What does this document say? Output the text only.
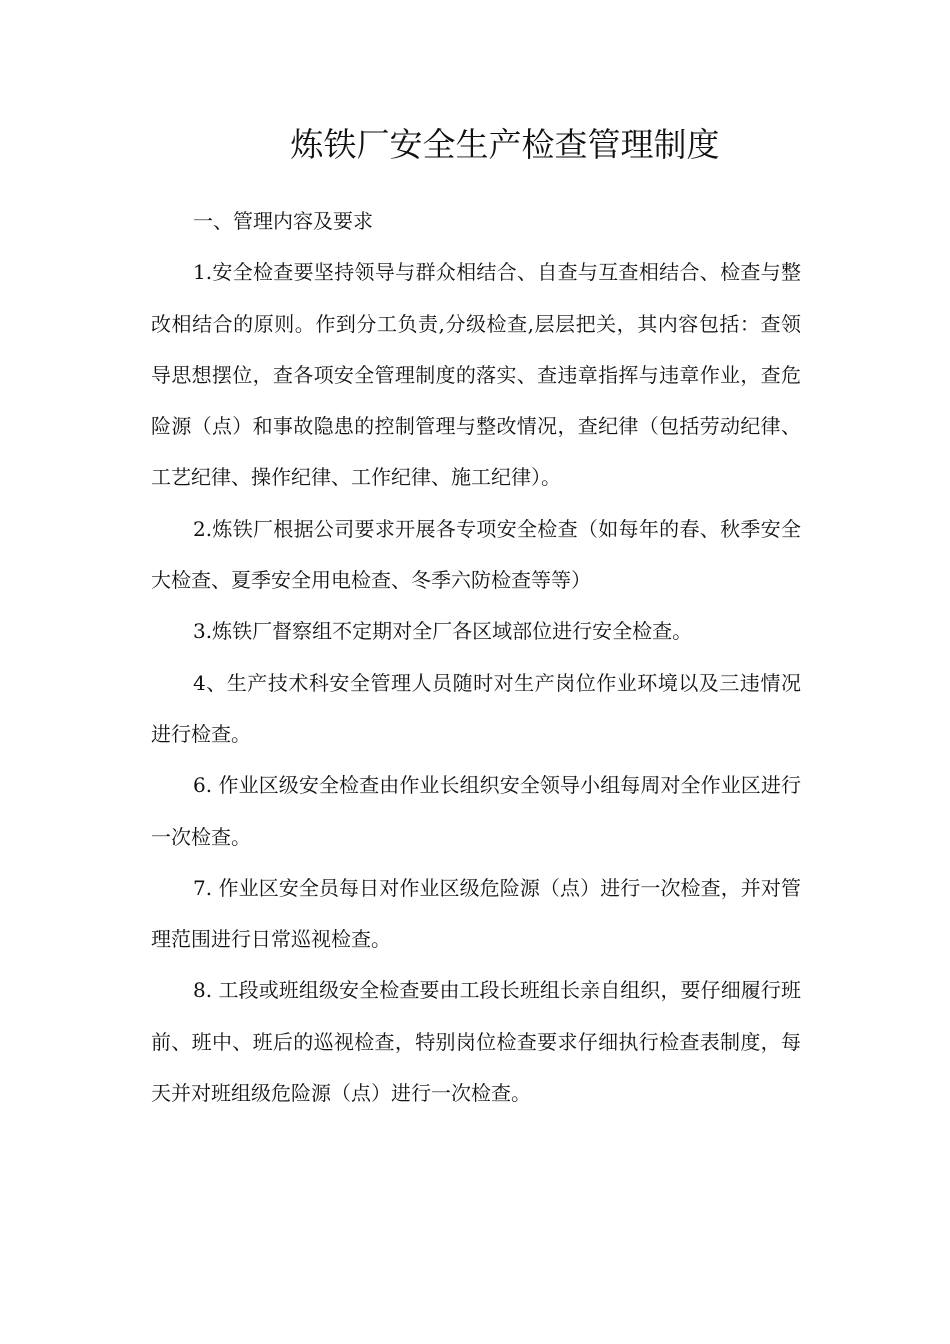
炼铁厂安全生产检查管理制度

一、管理内容及要求

1.安全检查要坚持领导与群众相结合、自查与互查相结合、检查与整改相结合的原则。作到分工负责,分级检查,层层把关，其内容包括：查领导思想摆位，查各项安全管理制度的落实、查违章指挥与违章作业，查危险源（点）和事故隐患的控制管理与整改情况，查纪律（包括劳动纪律、工艺纪律、操作纪律、工作纪律、施工纪律）。

2.炼铁厂根据公司要求开展各专项安全检查（如每年的春、秋季安全大检查、夏季安全用电检查、冬季六防检查等等）

3.炼铁厂督察组不定期对全厂各区域部位进行安全检查。

4、生产技术科安全管理人员随时对生产岗位作业环境以及三违情况进行检查。

6. 作业区级安全检查由作业长组织安全领导小组每周对全作业区进行一次检查。

7. 作业区安全员每日对作业区级危险源（点）进行一次检查，并对管理范围进行日常巡视检查。

8. 工段或班组级安全检查要由工段长班组长亲自组织，要仔细履行班前、班中、班后的巡视检查，特别岗位检查要求仔细执行检查表制度，每天并对班组级危险源（点）进行一次检查。
